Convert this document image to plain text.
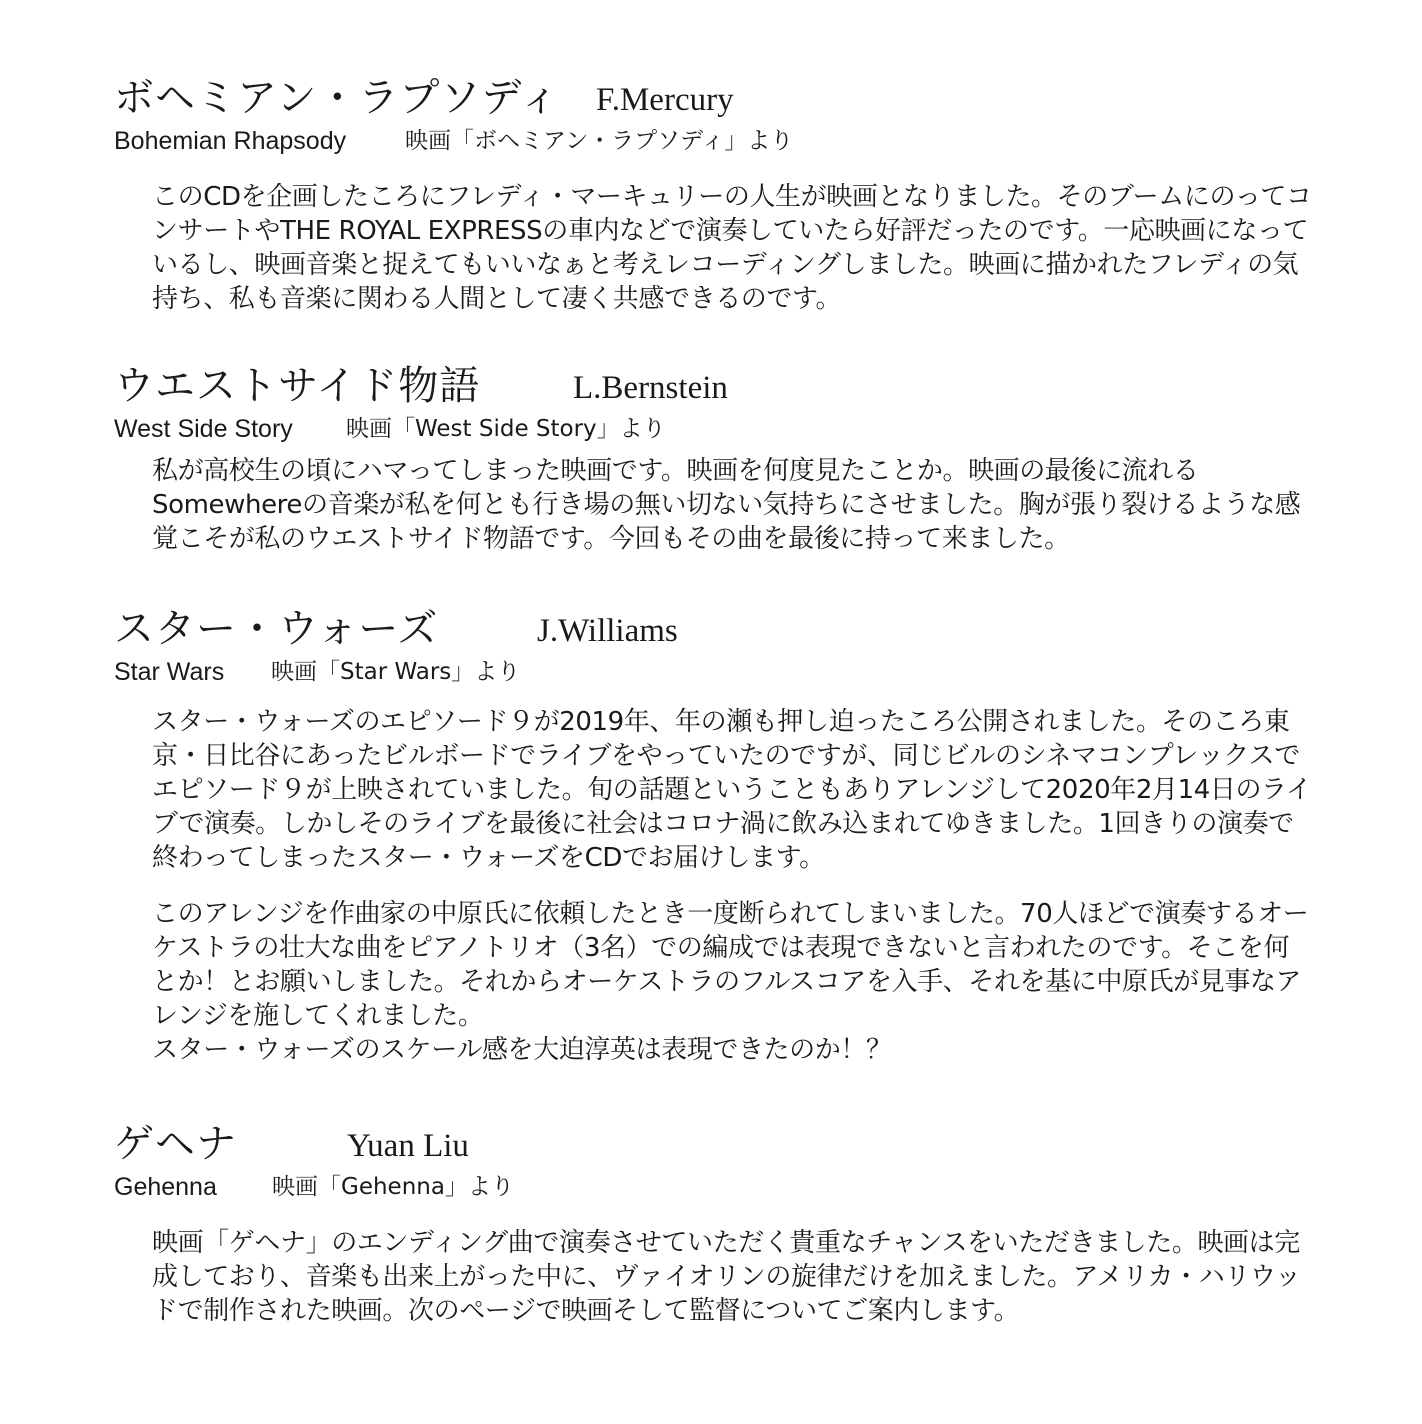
ボヘミアン・ラプソディ F.Mercury
Bohemian Rhapsody	映画「ボヘミアン・ラプソディ」より

このCDを企画したころにフレディ・マーキュリーの人生が映画となりました。そのブームにのってコンサートやTHE ROYAL EXPRESSの車内などで演奏していたら好評だったのです。一応映画になっているし、映画音楽と捉えてもいいなぁと考えレコーディングしました。映画に描かれたフレディの気持ち、私も音楽に関わる人間として凄く共感できるのです。

ウエストサイド物語	L.Bernstein
West Side Story 映画「West Side Story」より

私が高校生の頃にハマってしまった映画です。映画を何度見たことか。映画の最後に流れるSomewhereの音楽が私を何とも行き場の無い切ない気持ちにさせました。胸が張り裂けるような感覚こそが私のウエストサイド物語です。今回もその曲を最後に持って来ました。

スター・ウォーズ	J.Williams
Star Wars 映画「Star Wars」より

スター・ウォーズのエピソード９が2019年、年の瀬も押し迫ったころ公開されました。そのころ東京・日比谷にあったビルボードでライブをやっていたのですが、同じビルのシネマコンプレックスでエピソード９が上映されていました。旬の話題ということもありアレンジして2020年2月14日のライブで演奏。しかしそのライブを最後に社会はコロナ渦に飲み込まれてゆきました。1回きりの演奏で終わってしまったスター・ウォーズをCDでお届けします。

このアレンジを作曲家の中原氏に依頼したとき一度断られてしまいました。70人ほどで演奏するオーケストラの壮大な曲をピアノトリオ（3名）での編成では表現できないと言われたのです。そこを何とか！とお願いしました。それからオーケストラのフルスコアを入手、それを基に中原氏が見事なアレンジを施してくれました。
スター・ウォーズのスケール感を大迫淳英は表現できたのか！？

ゲヘナ	Yuan Liu
Gehenna 映画「Gehenna」より

映画「ゲヘナ」のエンディング曲で演奏させていただく貴重なチャンスをいただきました。映画は完成しており、音楽も出来上がった中に、ヴァイオリンの旋律だけを加えました。アメリカ・ハリウッドで制作された映画。次のページで映画そして監督についてご案内します。
